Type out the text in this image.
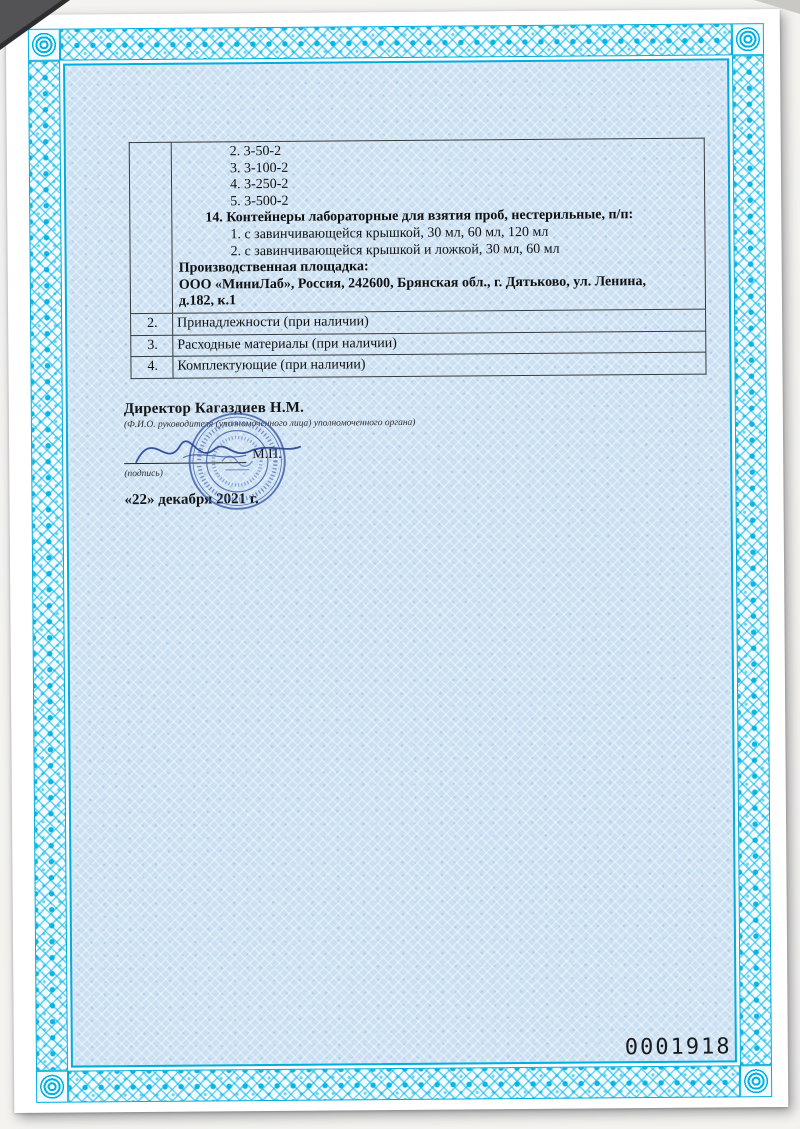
2. 3-50-2
3. 3-100-2
4. 3-250-2
5. 3-500-2
14. Контейнеры лабораторные для взятия проб, нестерильные, п/п:
1. с завинчивающейся крышкой, 30 мл, 60 мл, 120 мл
2. с завинчивающейся крышкой и ложкой, 30 мл, 60 мл
Производственная площадка:
ООО «МиниЛаб», Россия, 242600, Брянская обл., г. Дятьково, ул. Ленина,
д.182, к.1

2.	Принадлежности (при наличии)
3.	Расходные материалы (при наличии)
4.	Комплектующие (при наличии)
Директор Кагаздиев Н.М.
(Ф.И.О. руководителя (уполномоченного лица) уполномоченного органа)
М.П.
(подпись)
«22» декабря 2021 г.
0001918
